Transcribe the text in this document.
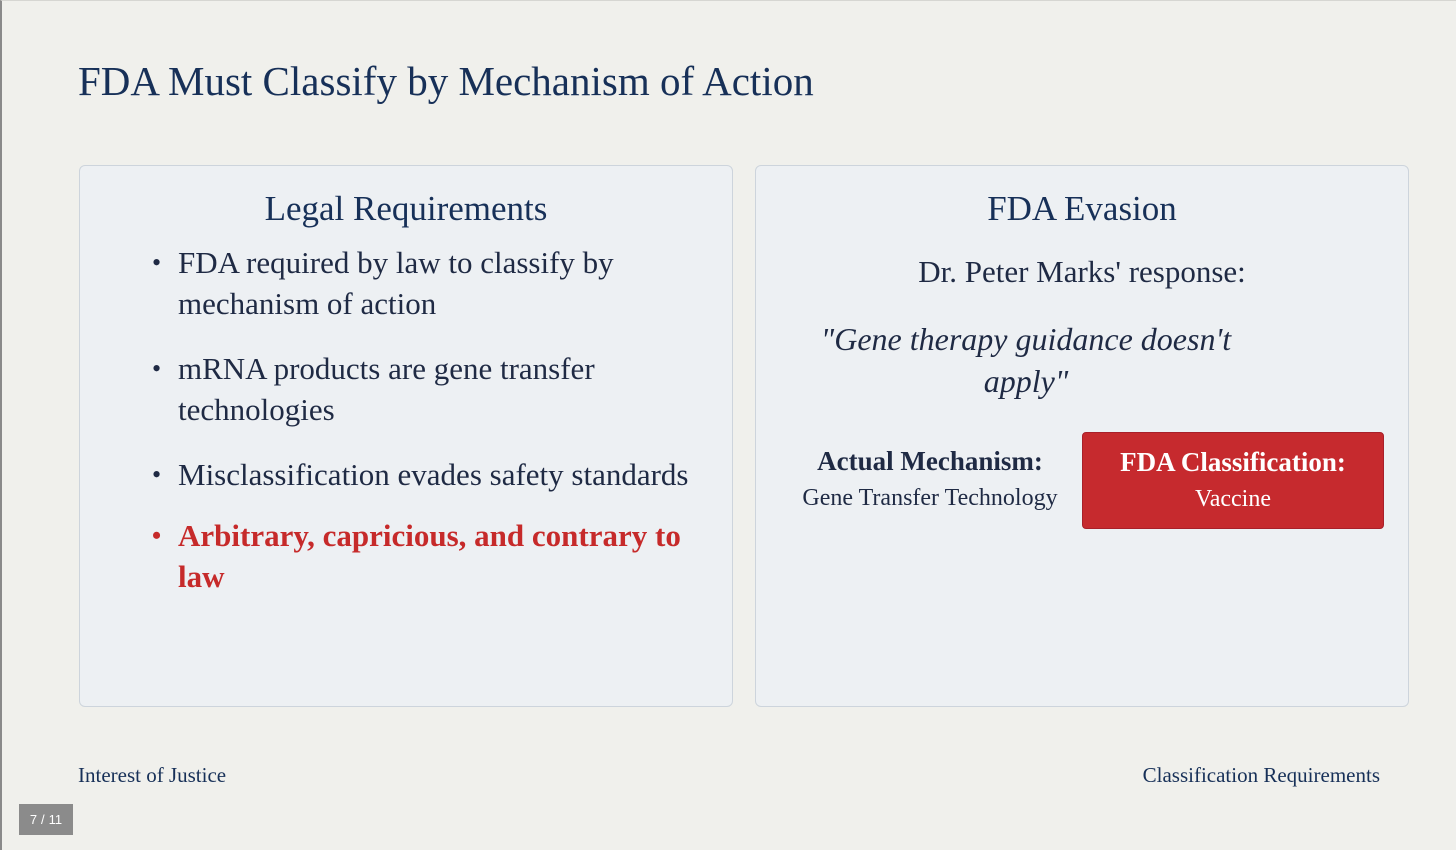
FDA Must Classify by Mechanism of Action
Legal Requirements
• FDA required by law to classify by mechanism of action
• mRNA products are gene transfer technologies
• Misclassification evades safety standards
• Arbitrary, capricious, and contrary to law
FDA Evasion
Dr. Peter Marks' response:
"Gene therapy guidance doesn't apply"
Actual Mechanism:
Gene Transfer Technology
FDA Classification:
Vaccine
Interest of Justice	Classification Requirements
7 / 11
